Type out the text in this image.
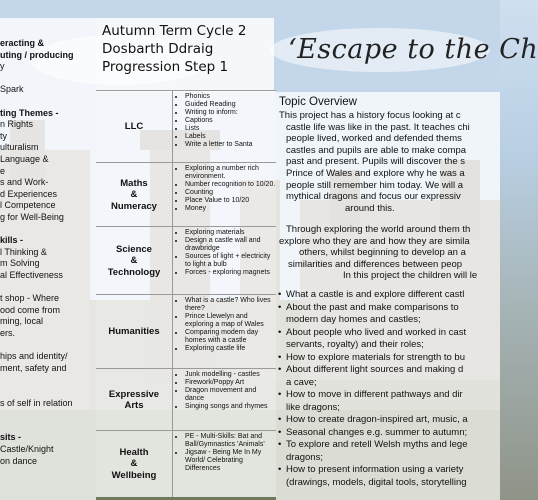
eracting &
uting / producing
y
Spark
ting Themes -
n Rights
ty
ulturalism
Language &
e
s and Work-
d Experiences
l Competence
g for Well-Being
kills -
l Thinking &
m Solving
al Effectiveness
t shop - Where
ood come from
ming, local
ers.
hips and identity/
ment, safety and
s of self in relation
sits -
Castle/Knight
on dance
Autumn Term Cycle 2
Dosbarth Ddraig
Progression Step 1
‘Escape to the Ch
LLC
• Phonics
• Guided Reading
• Writing to inform:
• Captions
• Lists
• Labels
• Write a letter to Santa
Maths
&
Numeracy
• Exploring a number rich environment.
• Number recognition to 10/20.
• Counting
• Place Value to 10/20
• Money
Science
&
Technology
• Exploring materials
• Design a castle wall and drawbridge
• Sources of light + electricity to light a bulb
• Forces - exploring magnets
Humanities
• What is a castle? Who lives there?
• Prince Llewelyn and exploring a map of Wales
• Comparing modern day homes with a castle
• Exploring castle life
Expressive
Arts
• Junk modelling - castles
• Firework/Poppy Art
• Dragon movement and dance
• Singing songs and rhymes
Health
&
Wellbeing
• PE - Multi-Skills: Bat and Ball/Gymnastics 'Animals'
• Jigsaw - Being Me In My World/ Celebrating Differences
Topic Overview
This project has a history focus looking at c
castle life was like in the past. It teaches chi
people lived, worked and defended thems
castles and pupils are able to make compa
past and present. Pupils will discover the s
Prince of Wales and explore why he was a
people still remember him today. We will a
mythical dragons and focus our expressiv
around this.
Through exploring the world around them th
explore who they are and how they are simila
others, whilst beginning to develop an a
similarities and differences between peop
In this project the children will le
• What a castle is and explore different castl
• About the past and make comparisons to
modern day homes and castles;
• About people who lived and worked in cast
servants, royalty) and their roles;
• How to explore materials for strength to bu
• About different light sources and making d
a cave;
• How to move in different pathways and dir
like dragons;
• How to create dragon-inspired art, music, a
• Seasonal changes e.g. summer to autumn;
• To explore and retell Welsh myths and lege
dragons;
• How to present information using a variety
(drawings, models, digital tools, storytelling
